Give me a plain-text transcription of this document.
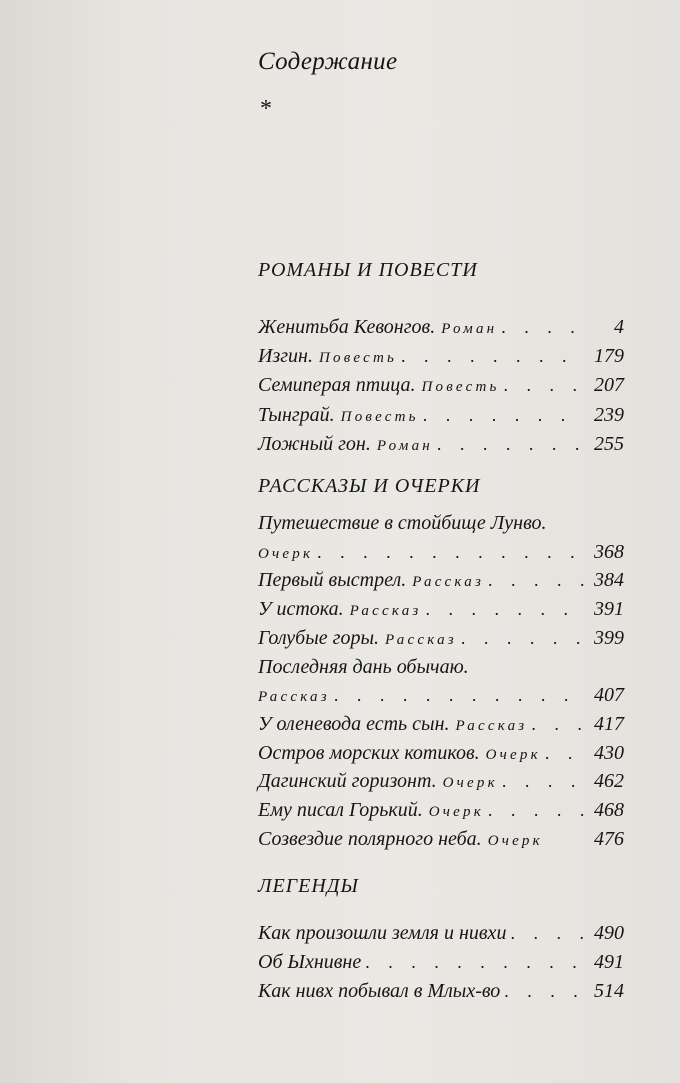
Содержание
*
РОМАНЫ И ПОВЕСТИ
Женитьба Кевонгов. Роман . . .	4
Изгин. Повесть . . .	179
Семиперая птица. Повесть . . .	207
Тынграй. Повесть . . .	239
Ложный гон. Роман . . .	255
РАССКАЗЫ И ОЧЕРКИ
Путешествие в стойбище Лунво.
Очерк . . .	368
Первый выстрел. Рассказ . . .	384
У истока. Рассказ . . .	391
Голубые горы. Рассказ . . .	399
Последняя дань обычаю.
Рассказ . . .	407
У оленевода есть сын. Рассказ . . .	417
Остров морских котиков. Очерк . . .	430
Дагинский горизонт. Очерк . . .	462
Ему писал Горький. Очерк . . .	468
Созвездие полярного неба. Очерк	476
ЛЕГЕНДЫ
Как произошли земля и нивхи . . .	490
Об Ыхнивне . . .	491
Как нивх побывал в Млых-во . . .	514
